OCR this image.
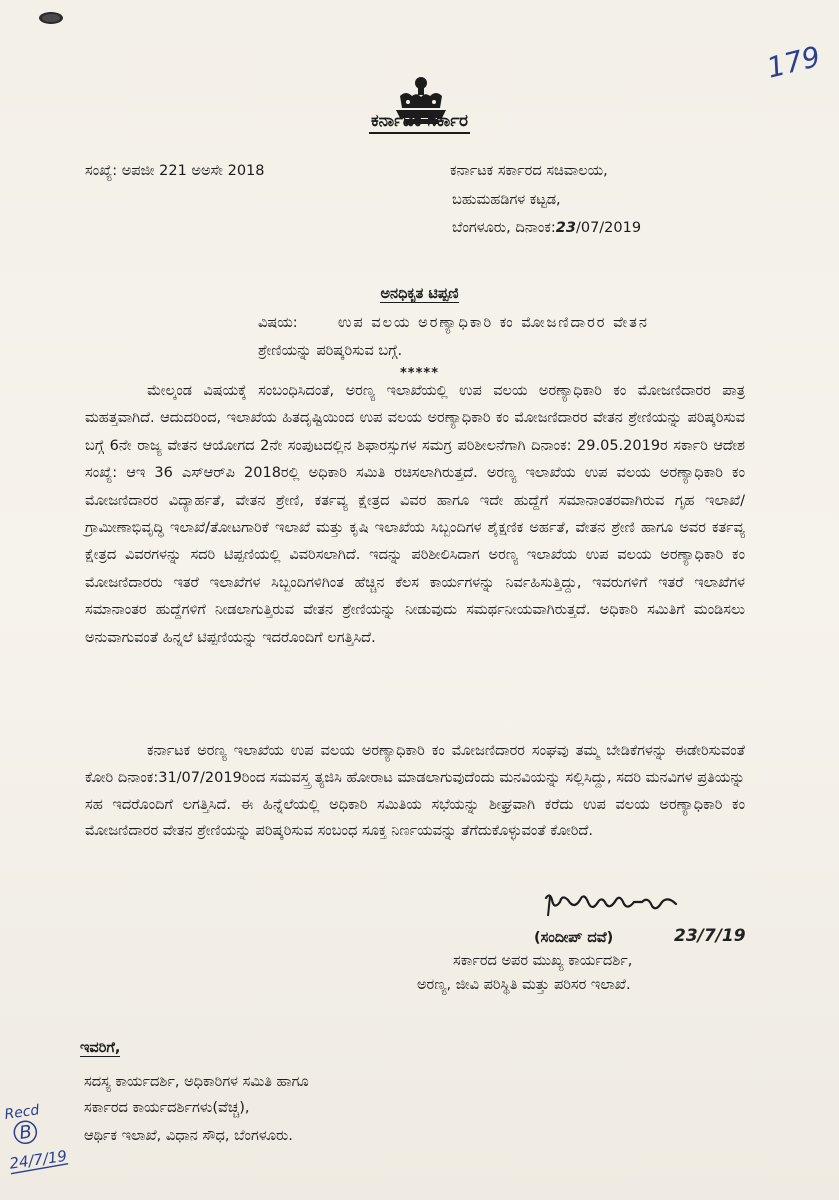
179
ಕರ್ನಾಟಕ ಸರ್ಕಾರ
ಸಂಖ್ಯೆ: ಅಪಜೀ 221 ಅಅಸೇ 2018	ಕರ್ನಾಟಕ ಸರ್ಕಾರದ ಸಚಿವಾಲಯ,
ಬಹುಮಹಡಿಗಳ ಕಟ್ಟಡ,
ಬೆಂಗಳೂರು, ದಿನಾಂಕ:23/07/2019
ಅನಧಿಕೃತ ಟಿಪ್ಪಣಿ
ವಿಷಯ:	ಉಪ ವಲಯ ಅರಣ್ಯಾಧಿಕಾರಿ ಕಂ ಮೋಜಣಿದಾರರ ವೇತನ
ಶ್ರೇಣಿಯನ್ನು ಪರಿಷ್ಕರಿಸುವ ಬಗ್ಗೆ.
*****
ಮೇಲ್ಕಂಡ ವಿಷಯಕ್ಕೆ ಸಂಬಂಧಿಸಿದಂತೆ, ಅರಣ್ಯ ಇಲಾಖೆಯಲ್ಲಿ ಉಪ ವಲಯ ಅರಣ್ಯಾಧಿಕಾರಿ ಕಂ ಮೋಜಣಿದಾರರ ಪಾತ್ರ ಮಹತ್ತವಾಗಿದೆ. ಆದುದರಿಂದ, ಇಲಾಖೆಯ ಹಿತದೃಷ್ಟಿಯಿಂದ ಉಪ ವಲಯ ಅರಣ್ಯಾಧಿಕಾರಿ ಕಂ ಮೋಜಣಿದಾರರ ವೇತನ ಶ್ರೇಣಿಯನ್ನು ಪರಿಷ್ಕರಿಸುವ ಬಗ್ಗೆ 6ನೇ ರಾಜ್ಯ ವೇತನ ಆಯೋಗದ 2ನೇ ಸಂಪುಟದಲ್ಲಿನ ಶಿಫಾರಸ್ಸುಗಳ ಸಮಗ್ರ ಪರಿಶೀಲನೆಗಾಗಿ ದಿನಾಂಕ: 29.05.2019ರ ಸರ್ಕಾರಿ ಆದೇಶ ಸಂಖ್ಯೆ: ಆಇ 36 ಎಸ್‌ಆರ್‌ಪಿ 2018ರಲ್ಲಿ ಅಧಿಕಾರಿ ಸಮಿತಿ ರಚಿಸಲಾಗಿರುತ್ತದೆ. ಅರಣ್ಯ ಇಲಾಖೆಯ ಉಪ ವಲಯ ಅರಣ್ಯಾಧಿಕಾರಿ ಕಂ ಮೋಜಣಿದಾರರ ವಿದ್ಯಾರ್ಹತೆ, ವೇತನ ಶ್ರೇಣಿ, ಕರ್ತವ್ಯ ಕ್ಷೇತ್ರದ ವಿವರ ಹಾಗೂ ಇದೇ ಹುದ್ದೆಗೆ ಸಮಾನಾಂತರವಾಗಿರುವ ಗೃಹ ಇಲಾಖೆ/ಗ್ರಾಮೀಣಾಭಿವೃದ್ಧಿ ಇಲಾಖೆ/ತೋಟಗಾರಿಕೆ ಇಲಾಖೆ ಮತ್ತು ಕೃಷಿ ಇಲಾಖೆಯ ಸಿಬ್ಬಂದಿಗಳ ಶೈಕ್ಷಣಿಕ ಅರ್ಹತೆ, ವೇತನ ಶ್ರೇಣಿ ಹಾಗೂ ಅವರ ಕರ್ತವ್ಯ ಕ್ಷೇತ್ರದ ವಿವರಗಳನ್ನು ಸದರಿ ಟಿಪ್ಪಣಿಯಲ್ಲಿ ವಿವರಿಸಲಾಗಿದೆ. ಇದನ್ನು ಪರಿಶೀಲಿಸಿದಾಗ ಅರಣ್ಯ ಇಲಾಖೆಯ ಉಪ ವಲಯ ಅರಣ್ಯಾಧಿಕಾರಿ ಕಂ ಮೋಜಣಿದಾರರು ಇತರೆ ಇಲಾಖೆಗಳ ಸಿಬ್ಬಂದಿಗಳಿಗಿಂತ ಹೆಚ್ಚಿನ ಕೆಲಸ ಕಾರ್ಯಗಳನ್ನು ನಿರ್ವಹಿಸುತ್ತಿದ್ದು, ಇವರುಗಳಿಗೆ ಇತರೆ ಇಲಾಖೆಗಳ ಸಮಾನಾಂತರ ಹುದ್ದೆಗಳಿಗೆ ನೀಡಲಾಗುತ್ತಿರುವ ವೇತನ ಶ್ರೇಣಿಯನ್ನು ನೀಡುವುದು ಸಮರ್ಥನೀಯವಾಗಿರುತ್ತದೆ. ಅಧಿಕಾರಿ ಸಮಿತಿಗೆ ಮಂಡಿಸಲು ಅನುವಾಗುವಂತೆ ಹಿನ್ನಲೆ ಟಿಪ್ಪಣಿಯನ್ನು ಇದರೊಂದಿಗೆ ಲಗತ್ತಿಸಿದೆ.
ಕರ್ನಾಟಕ ಅರಣ್ಯ ಇಲಾಖೆಯ ಉಪ ವಲಯ ಅರಣ್ಯಾಧಿಕಾರಿ ಕಂ ಮೋಜಣಿದಾರರ ಸಂಘವು ತಮ್ಮ ಬೇಡಿಕೆಗಳನ್ನು ಈಡೇರಿಸುವಂತೆ ಕೋರಿ ದಿನಾಂಕ:31/07/2019ರಿಂದ ಸಮವಸ್ತ್ರ ತ್ಯಜಿಸಿ ಹೋರಾಟ ಮಾಡಲಾಗುವುದೆಂದು ಮನವಿಯನ್ನು ಸಲ್ಲಿಸಿದ್ದು, ಸದರಿ ಮನವಿಗಳ ಪ್ರತಿಯನ್ನು ಸಹ ಇದರೊಂದಿಗೆ ಲಗತ್ತಿಸಿದೆ. ಈ ಹಿನ್ನೆಲೆಯಲ್ಲಿ ಅಧಿಕಾರಿ ಸಮಿತಿಯ ಸಭೆಯನ್ನು ಶೀಘ್ರವಾಗಿ ಕರೆದು ಉಪ ವಲಯ ಅರಣ್ಯಾಧಿಕಾರಿ ಕಂ ಮೋಜಣಿದಾರರ ವೇತನ ಶ್ರೇಣಿಯನ್ನು ಪರಿಷ್ಕರಿಸುವ ಸಂಬಂಧ ಸೂಕ್ತ ನಿರ್ಣಯವನ್ನು ತೆಗೆದುಕೊಳ್ಳುವಂತೆ ಕೋರಿದೆ.
(ಸಂದೀಪ್ ದವೆ)	23/7/19
ಸರ್ಕಾರದ ಅಪರ ಮುಖ್ಯ ಕಾರ್ಯದರ್ಶಿ,
ಅರಣ್ಯ, ಜೀವಿ ಪರಿಸ್ಥಿತಿ ಮತ್ತು ಪರಿಸರ ಇಲಾಖೆ.
ಇವರಿಗೆ,
ಸದಸ್ಯ ಕಾರ್ಯದರ್ಶಿ, ಅಧಿಕಾರಿಗಳ ಸಮಿತಿ ಹಾಗೂ
ಸರ್ಕಾರದ ಕಾರ್ಯದರ್ಶಿಗಳು(ವೆಚ್ಚ),
ಆರ್ಥಿಕ ಇಲಾಖೆ, ವಿಧಾನ ಸೌಧ, ಬೆಂಗಳೂರು.
Recd
B
24/7/19
